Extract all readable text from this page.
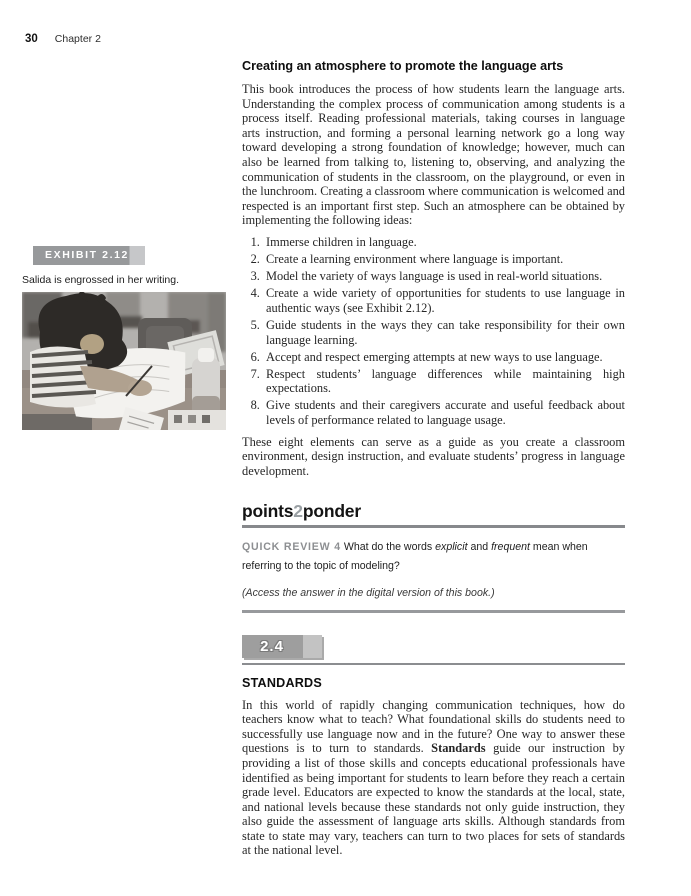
30 Chapter 2
EXHIBIT 2.12
Salida is engrossed in her writing.
Creating an atmosphere to promote the language arts

This book introduces the process of how students learn the language arts. Understanding the complex process of communication among students is a process itself. Reading professional materials, taking courses in language arts instruction, and forming a personal learning network go a long way toward developing a strong foundation of knowledge; however, much can also be learned from talking to, listening to, observing, and analyzing the communication of students in the classroom, on the playground, or even in the lunchroom. Creating a classroom where communication is welcomed and respected is an important first step. Such an atmosphere can be obtained by implementing the following ideas:

1. Immerse children in language.
2. Create a learning environment where language is important.
3. Model the variety of ways language is used in real-world situations.
4. Create a wide variety of opportunities for students to use language in authentic ways (see Exhibit 2.12).
5. Guide students in the ways they can take responsibility for their own language learning.
6. Accept and respect emerging attempts at new ways to use language.
7. Respect students’ language differences while maintaining high expectations.
8. Give students and their caregivers accurate and useful feedback about levels of performance related to language usage.

These eight elements can serve as a guide as you create a classroom environment, design instruction, and evaluate students’ progress in language development.

points2ponder

QUICK REVIEW 4 What do the words explicit and frequent mean when referring to the topic of modeling?

(Access the answer in the digital version of this book.)

2.4
STANDARDS

In this world of rapidly changing communication techniques, how do teachers know what to teach? What foundational skills do students need to successfully use language now and in the future? One way to answer these questions is to turn to standards. Standards guide our instruction by providing a list of those skills and concepts educational professionals have identified as being important for students to learn before they reach a certain grade level. Educators are expected to know the standards at the local, state, and national levels because these standards not only guide instruction, they also guide the assessment of language arts skills. Although standards from state to state may vary, teachers can turn to two places for sets of standards at the national level.
